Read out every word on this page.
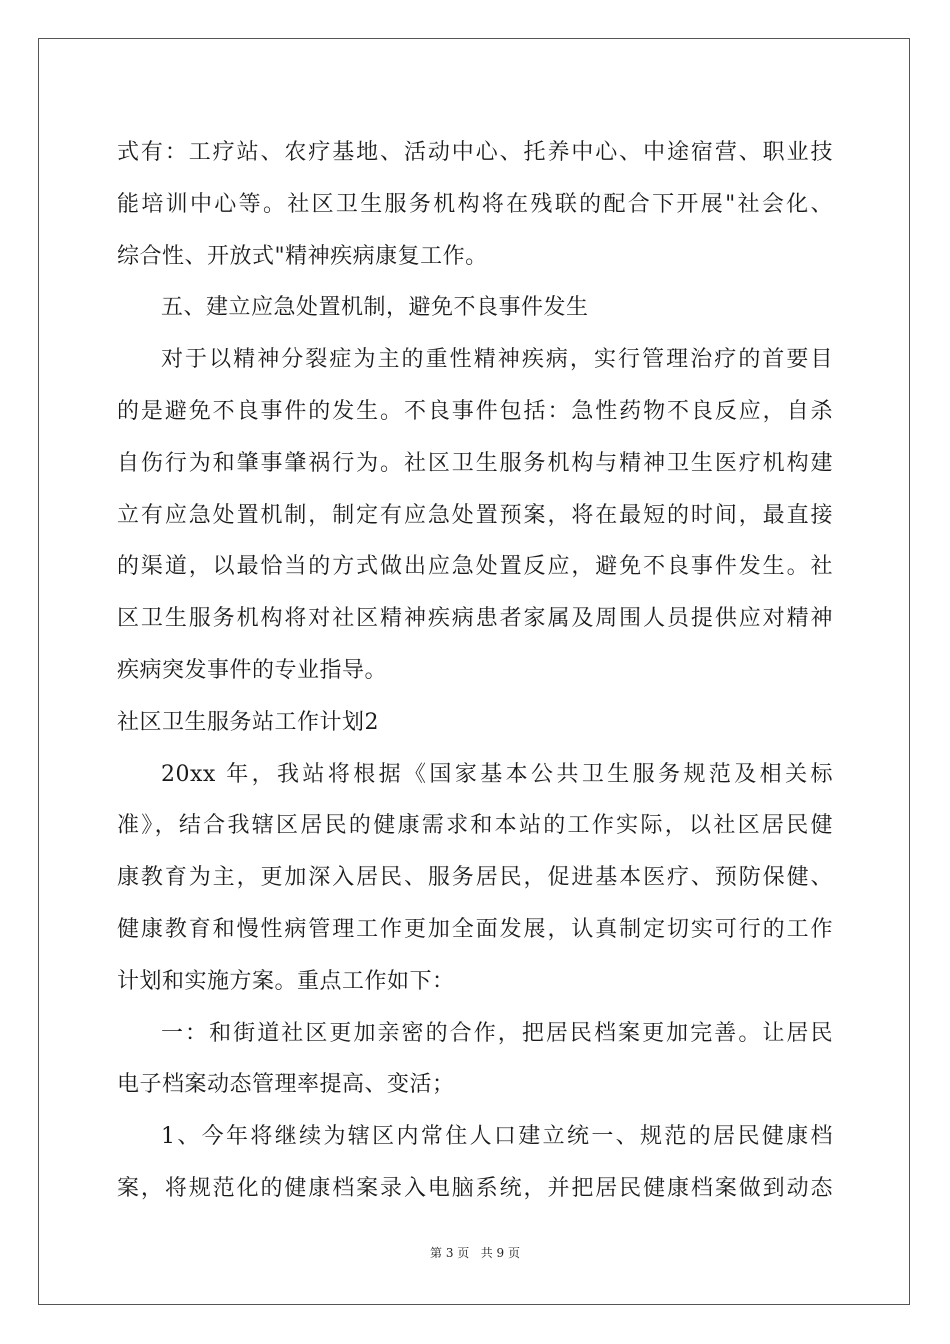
式有：工疗站、农疗基地、活动中心、托养中心、中途宿营、职业技
能培训中心等。社区卫生服务机构将在残联的配合下开展"社会化、
综合性、开放式"精神疾病康复工作。
五、建立应急处置机制，避免不良事件发生
对于以精神分裂症为主的重性精神疾病，实行管理治疗的首要目
的是避免不良事件的发生。不良事件包括：急性药物不良反应，自杀
自伤行为和肇事肇祸行为。社区卫生服务机构与精神卫生医疗机构建
立有应急处置机制，制定有应急处置预案，将在最短的时间，最直接
的渠道，以最恰当的方式做出应急处置反应，避免不良事件发生。社
区卫生服务机构将对社区精神疾病患者家属及周围人员提供应对精神
疾病突发事件的专业指导。
社区卫生服务站工作计划2
20xx 年，我站将根据《国家基本公共卫生服务规范及相关标
准》，结合我辖区居民的健康需求和本站的工作实际，以社区居民健
康教育为主，更加深入居民、服务居民，促进基本医疗、预防保健、
健康教育和慢性病管理工作更加全面发展，认真制定切实可行的工作
计划和实施方案。重点工作如下：
一：和街道社区更加亲密的合作，把居民档案更加完善。让居民
电子档案动态管理率提高、变活；
1、今年将继续为辖区内常住人口建立统一、规范的居民健康档
案，将规范化的健康档案录入电脑系统，并把居民健康档案做到动态
第 3 页   共 9 页
